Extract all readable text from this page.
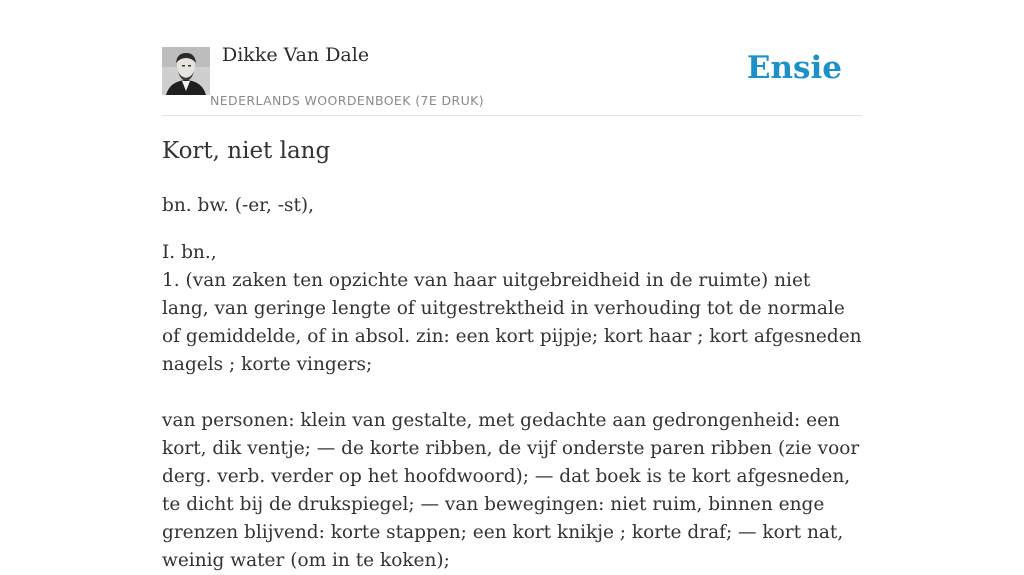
Dikke Van Dale
NEDERLANDS WOORDENBOEK (7E DRUK)
Ensie
Kort, niet lang
bn. bw. (-er, -st),

I. bn.,

1. (van zaken ten opzichte van haar uitgebreidheid in de ruimte) niet lang, van geringe lengte of uitgestrektheid in verhouding tot de normale of gemiddelde, of in absol. zin: een kort pijpje; kort haar ; kort afgesneden nagels ; korte vingers;

van personen: klein van gestalte, met gedachte aan gedrongenheid: een kort, dik ventje; — de korte ribben, de vijf onderste paren ribben (zie voor derg. verb. verder op het hoofdwoord); — dat boek is te kort afgesneden, te dicht bij de drukspiegel; — van bewegingen: niet ruim, binnen enge grenzen blijvend: korte stappen; een kort knikje ; korte draf; — kort nat, weinig water (om in te koken);
